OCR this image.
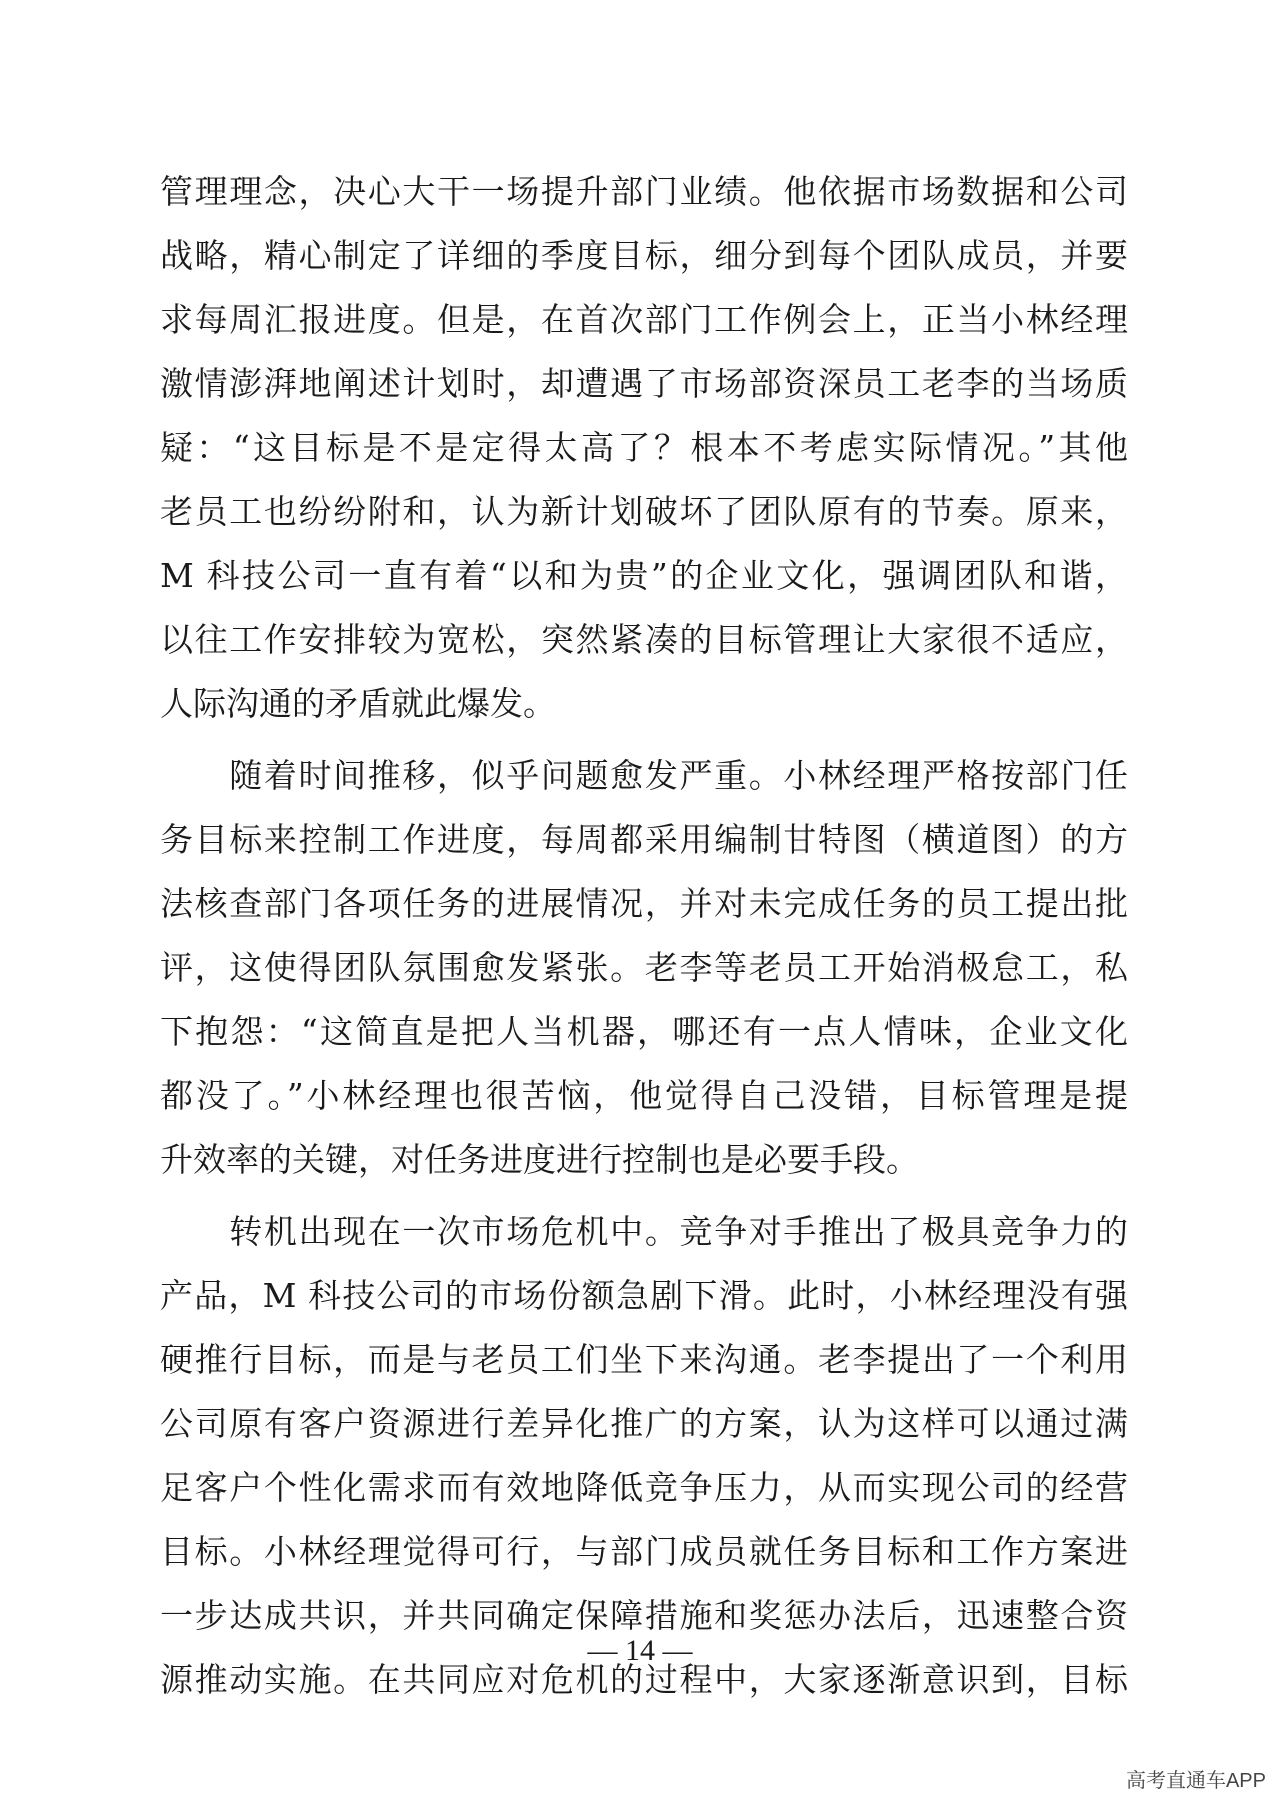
管理理念，决心大干一场提升部门业绩。他依据市场数据和公司
战略，精心制定了详细的季度目标，细分到每个团队成员，并要
求每周汇报进度。但是，在首次部门工作例会上，正当小林经理
激情澎湃地阐述计划时，却遭遇了市场部资深员工老李的当场质
疑：“这目标是不是定得太高了？根本不考虑实际情况。”其他
老员工也纷纷附和，认为新计划破坏了团队原有的节奏。原来，
M 科技公司一直有着“以和为贵”的企业文化，强调团队和谐，
以往工作安排较为宽松，突然紧凑的目标管理让大家很不适应，
人际沟通的矛盾就此爆发。
　　随着时间推移，似乎问题愈发严重。小林经理严格按部门任
务目标来控制工作进度，每周都采用编制甘特图（横道图）的方
法核查部门各项任务的进展情况，并对未完成任务的员工提出批
评，这使得团队氛围愈发紧张。老李等老员工开始消极怠工，私
下抱怨：“这简直是把人当机器，哪还有一点人情味，企业文化
都没了。”小林经理也很苦恼，他觉得自己没错，目标管理是提
升效率的关键，对任务进度进行控制也是必要手段。
　　转机出现在一次市场危机中。竞争对手推出了极具竞争力的
产品，M 科技公司的市场份额急剧下滑。此时，小林经理没有强
硬推行目标，而是与老员工们坐下来沟通。老李提出了一个利用
公司原有客户资源进行差异化推广的方案，认为这样可以通过满
足客户个性化需求而有效地降低竞争压力，从而实现公司的经营
目标。小林经理觉得可行，与部门成员就任务目标和工作方案进
一步达成共识，并共同确定保障措施和奖惩办法后，迅速整合资
源推动实施。在共同应对危机的过程中，大家逐渐意识到，目标
— 14 —
高考直通车APP
